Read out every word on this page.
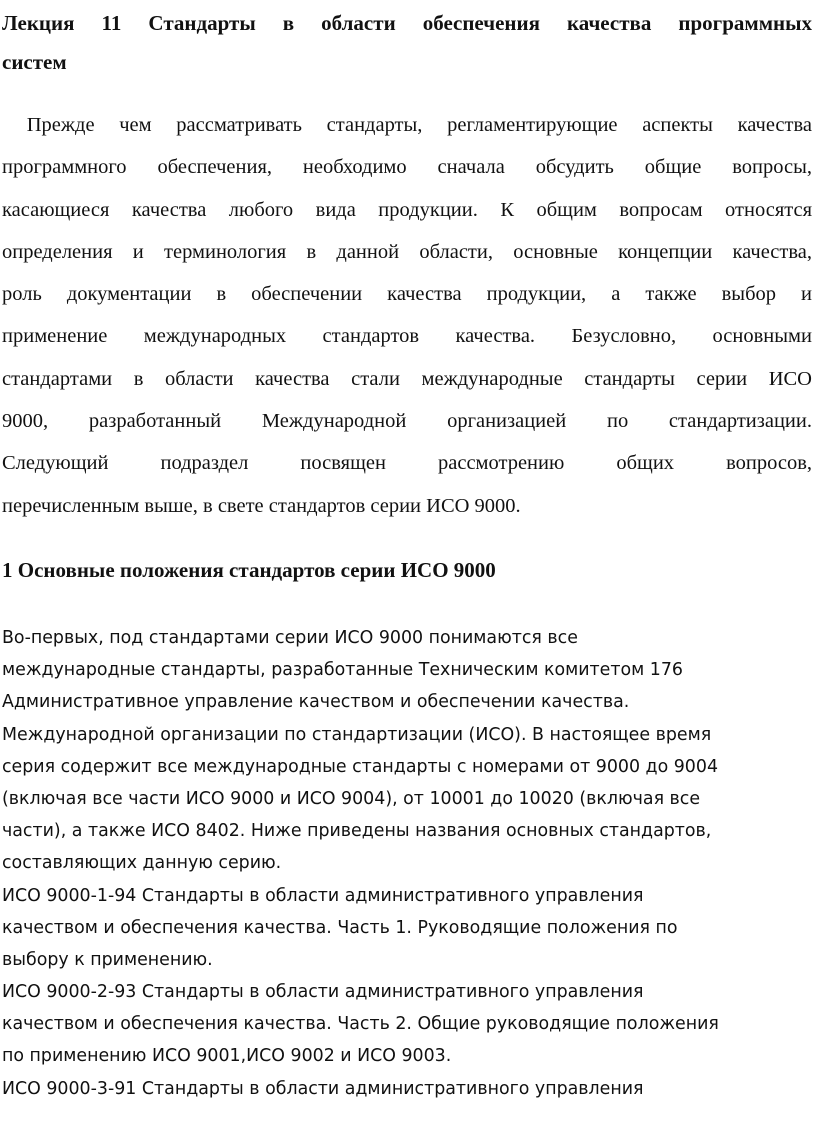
Лекция 11 Стандарты в области обеспечения качества программных
систем
Прежде чем рассматривать стандарты, регламентирующие аспекты качества
программного обеспечения, необходимо сначала обсудить общие вопросы,
касающиеся качества любого вида продукции. К общим вопросам относятся
определения и терминология в данной области, основные концепции качества,
роль документации в обеспечении качества продукции, а также выбор и
применение международных стандартов качества. Безусловно, основными
стандартами в области качества стали международные стандарты серии ИСО
9000, разработанный Международной организацией по стандартизации.
Следующий подраздел посвящен рассмотрению общих вопросов,
перечисленным выше, в свете стандартов серии ИСО 9000.
1 Основные положения стандартов серии ИСО 9000
Во-первых, под стандартами серии ИСО 9000 понимаются все
международные стандарты, разработанные Техническим комитетом 176
Административное управление качеством и обеспечении качества.
Международной организации по стандартизации (ИСО). В настоящее время
серия содержит все международные стандарты с номерами от 9000 до 9004
(включая все части ИСО 9000 и ИСО 9004), от 10001 до 10020 (включая все
части), а также ИСО 8402. Ниже приведены названия основных стандартов,
составляющих данную серию.
ИСО 9000-1-94 Стандарты в области административного управления
качеством и обеспечения качества. Часть 1. Руководящие положения по
выбору к применению.
ИСО 9000-2-93 Стандарты в области административного управления
качеством и обеспечения качества. Часть 2. Общие руководящие положения
по применению ИСО 9001,ИСО 9002 и ИСО 9003.
ИСО 9000-3-91 Стандарты в области административного управления
